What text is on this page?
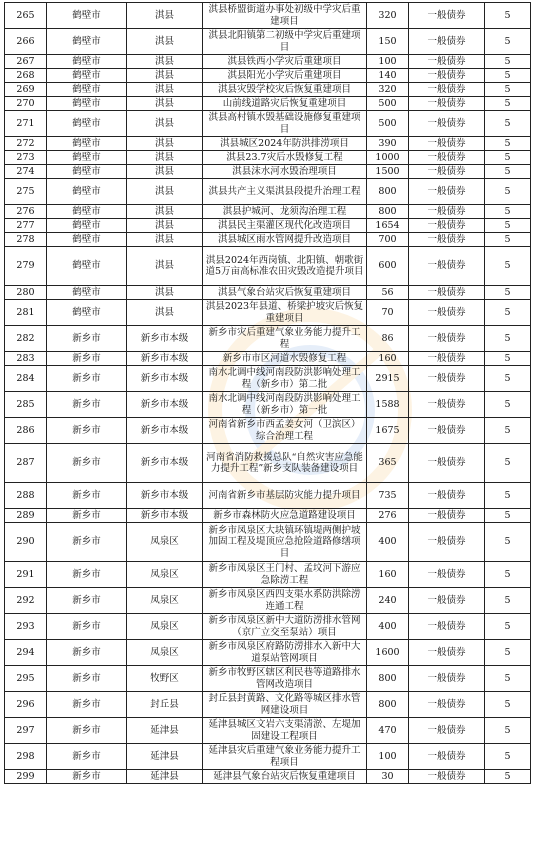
265	鹤壁市	淇县	淇县桥盟街道办事处初级中学灾后重建项目	320	一般债券	5
266	鹤壁市	淇县	淇县北阳镇第二初级中学灾后重建项目	150	一般债券	5
267	鹤壁市	淇县	淇县铁西小学灾后重建项目	100	一般债券	5
268	鹤壁市	淇县	淇县阳光小学灾后重建项目	140	一般债券	5
269	鹤壁市	淇县	淇县灾毁学校灾后恢复重建项目	320	一般债券	5
270	鹤壁市	淇县	山前线道路灾后恢复重建项目	500	一般债券	5
271	鹤壁市	淇县	淇县高村镇水毁基础设施修复重建项目	500	一般债券	5
272	鹤壁市	淇县	淇县城区2024年防洪排涝项目	390	一般债券	5
273	鹤壁市	淇县	淇县23.7灾后水毁修复工程	1000	一般债券	5
274	鹤壁市	淇县	淇县沫水河水毁治理项目	1500	一般债券	5
275	鹤壁市	淇县	淇县共产主义渠淇县段提升治理工程	800	一般债券	5
276	鹤壁市	淇县	淇县护城河、龙须沟治理工程	800	一般债券	5
277	鹤壁市	淇县	淇县民主渠灌区现代化改造项目	1654	一般债券	5
278	鹤壁市	淇县	淇县城区雨水管网提升改造项目	700	一般债券	5
279	鹤壁市	淇县	淇县2024年西岗镇、北阳镇、朝歌街道5万亩高标准农田灾毁改造提升项目	600	一般债券	5
280	鹤壁市	淇县	淇县气象台站灾后恢复重建项目	56	一般债券	5
281	鹤壁市	淇县	淇县2023年县道、桥梁护坡灾后恢复重建项目	70	一般债券	5
282	新乡市	新乡市本级	新乡市灾后重建气象业务能力提升工程	86	一般债券	5
283	新乡市	新乡市本级	新乡市市区河道水毁修复工程	160	一般债券	5
284	新乡市	新乡市本级	南水北调中线河南段防洪影响处理工程（新乡市）第二批	2915	一般债券	5
285	新乡市	新乡市本级	南水北调中线河南段防洪影响处理工程（新乡市）第一批	1588	一般债券	5
286	新乡市	新乡市本级	河南省新乡市西孟姜女河（卫滨区）综合治理工程	1675	一般债券	5
287	新乡市	新乡市本级	河南省消防救援总队“自然灾害应急能力提升工程”新乡支队装备建设项目	365	一般债券	5
288	新乡市	新乡市本级	河南省新乡市基层防灾能力提升项目	735	一般债券	5
289	新乡市	新乡市本级	新乡市森林防火应急道路建设项目	276	一般债券	5
290	新乡市	凤泉区	新乡市凤泉区大块镇环镇堤两侧护坡加固工程及堤顶应急抢险道路修缮项目	400	一般债券	5
291	新乡市	凤泉区	新乡市凤泉区王门村、孟坟河下游应急除涝工程	160	一般债券	5
292	新乡市	凤泉区	新乡市凤泉区西四支渠水系防洪除涝连通工程	240	一般债券	5
293	新乡市	凤泉区	新乡市凤泉区新中大道防涝排水管网（京广立交至泵站）项目	400	一般债券	5
294	新乡市	凤泉区	新乡市凤泉区府路防涝排水入新中大道泵站管网项目	1600	一般债券	5
295	新乡市	牧野区	新乡市牧野区辖区利民巷等道路排水管网改造项目	800	一般债券	5
296	新乡市	封丘县	封丘县封黄路、文化路等城区排水管网建设项目	800	一般债券	5
297	新乡市	延津县	延津县城区文岩六支渠清淤、左堤加固建设工程项目	470	一般债券	5
298	新乡市	延津县	延津县灾后重建气象业务能力提升工程项目	100	一般债券	5
299	新乡市	延津县	延津县气象台站灾后恢复重建项目	30	一般债券	5
